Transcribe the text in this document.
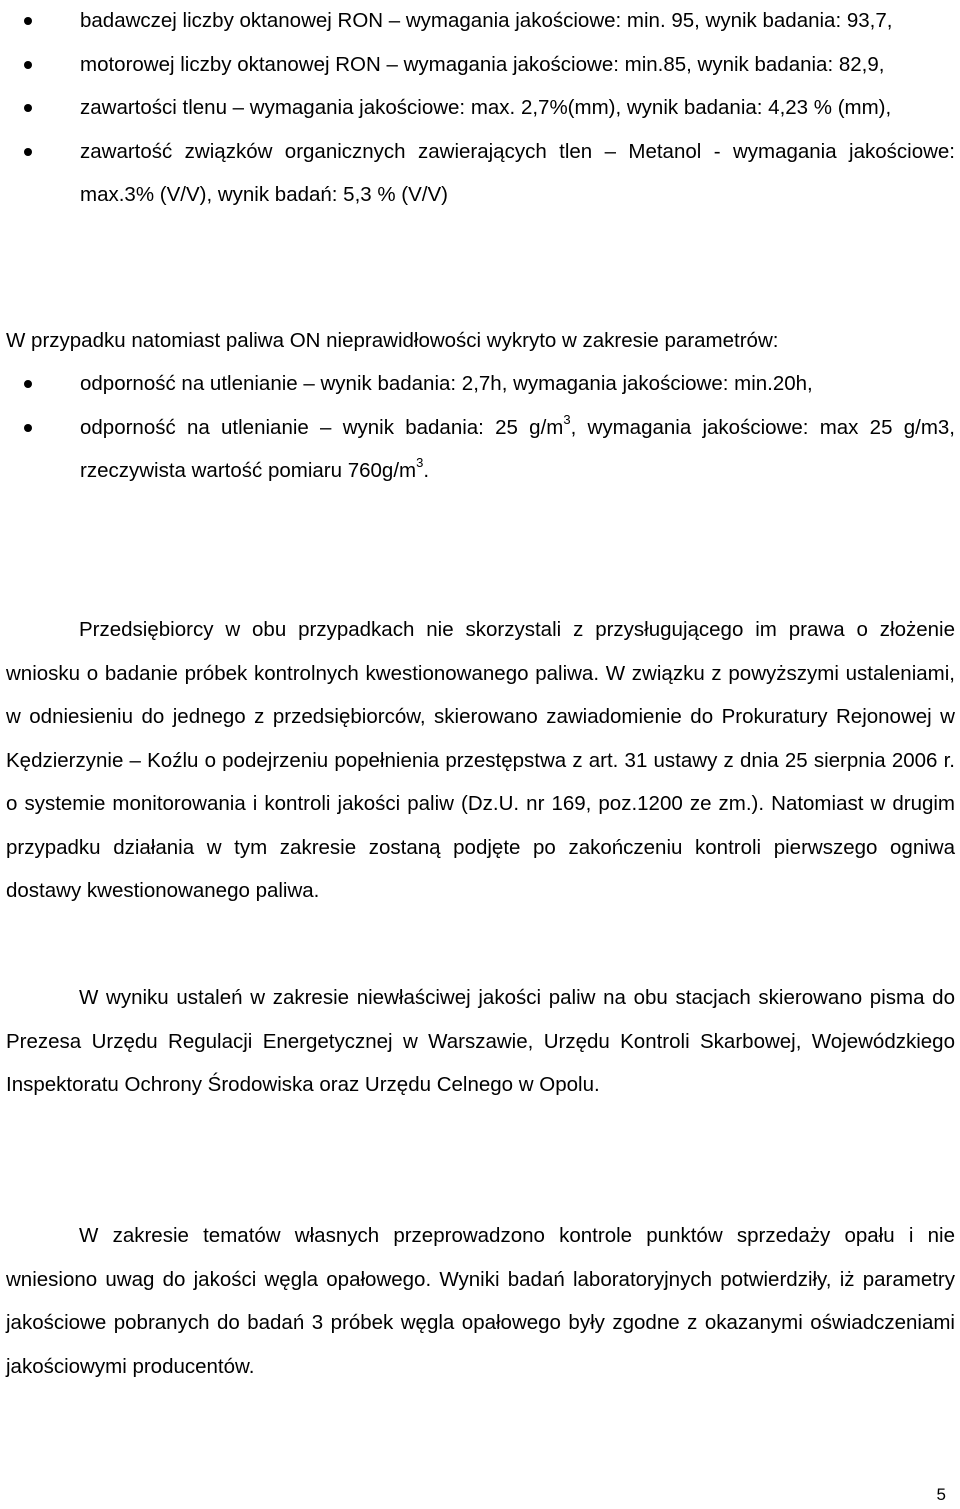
badawczej liczby oktanowej RON – wymagania jakościowe: min. 95, wynik badania: 93,7,
motorowej liczby oktanowej RON – wymagania jakościowe: min.85, wynik badania: 82,9,
zawartości tlenu – wymagania jakościowe: max. 2,7%(mm), wynik badania: 4,23 % (mm),
zawartość związków organicznych zawierających tlen – Metanol - wymagania jakościowe: max.3% (V/V), wynik badań: 5,3 % (V/V)

W przypadku natomiast paliwa ON nieprawidłowości wykryto w zakresie parametrów:

odporność na utlenianie – wynik badania: 2,7h, wymagania jakościowe: min.20h,
odporność na utlenianie – wynik badania: 25 $g/m^3$, wymagania jakościowe: max 25 g/m3, rzeczywista wartość pomiaru $760g/m^3$.

Przedsiębiorcy w obu przypadkach nie skorzystali z przysługującego im prawa o złożenie wniosku o badanie próbek kontrolnych kwestionowanego paliwa. W związku z powyższymi ustaleniami, w odniesieniu do jednego z przedsiębiorców, skierowano zawiadomienie do Prokuratury Rejonowej w Kędzierzynie – Koźlu o podejrzeniu popełnienia przestępstwa z art. 31 ustawy z dnia 25 sierpnia 2006 r. o systemie monitorowania i kontroli jakości paliw (Dz.U. nr 169, poz.1200 ze zm.). Natomiast w drugim przypadku działania w tym zakresie zostaną podjęte po zakończeniu kontroli pierwszego ogniwa dostawy kwestionowanego paliwa.

W wyniku ustaleń w zakresie niewłaściwej jakości paliw na obu stacjach skierowano pisma do Prezesa Urzędu Regulacji Energetycznej w Warszawie, Urzędu Kontroli Skarbowej, Wojewódzkiego Inspektoratu Ochrony Środowiska oraz Urzędu Celnego w Opolu.

W zakresie tematów własnych przeprowadzono kontrole punktów sprzedaży opału i nie wniesiono uwag do jakości węgla opałowego. Wyniki badań laboratoryjnych potwierdziły, iż parametry jakościowe pobranych do badań 3 próbek węgla opałowego były zgodne z okazanymi oświadczeniami jakościowymi producentów.

5
